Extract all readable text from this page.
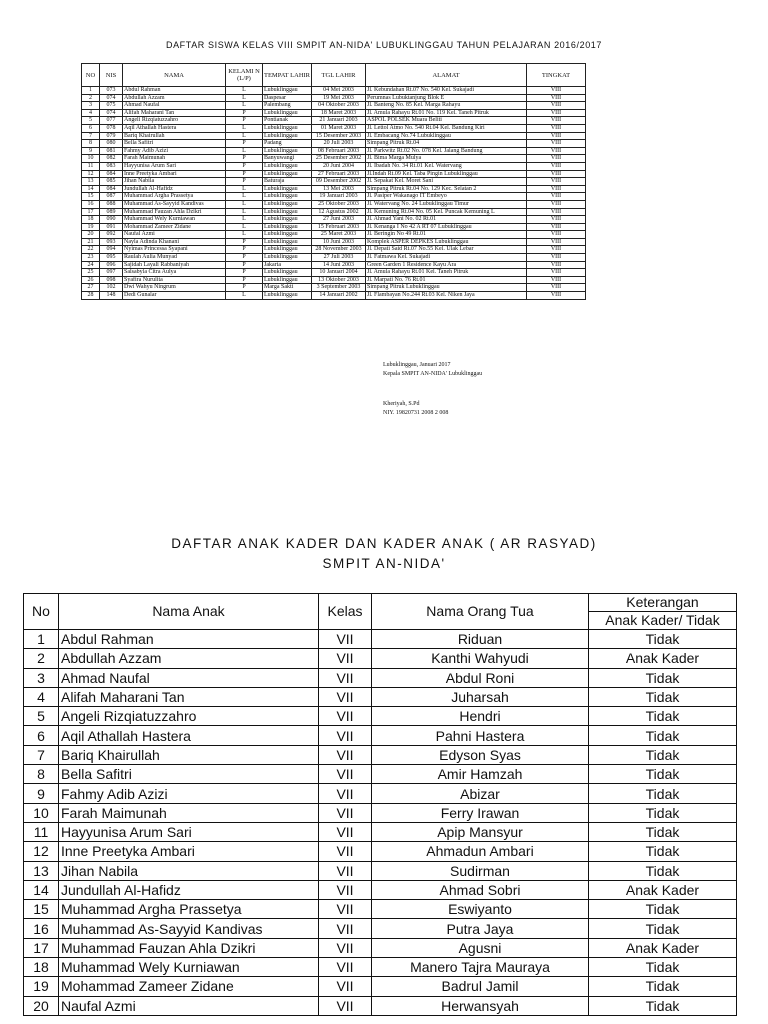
DAFTAR SISWA KELAS VIII SMPIT AN-NIDA' LUBUKLINGGAU TAHUN PELAJARAN 2016/2017
NO	NIS	NAMA	KELAMI N (L/P)	TEMPAT LAHIR	TGL LAHIR	ALAMAT	TINGKAT
1	073	Abdul Rahman	L	Lubuklinggau	04 Mei 2003	Jl. Kebundahan Rt.07 No. 540 Kel. Sukajadi	VIII
2	074	Abdullah Azzam	L	Daspesar	19 Mei 2003	Perumnas Lubuktanjung Blok E	VIII
3	075	Ahmad Naufal	L	Palembang	04 Oktober 2003	Jl. Banteng No. 85 Kel. Marga Rahayu	VIII
4	074	Alifah Maharani Tan	P	Lubuklinggau	18 Maret 2003	Jl. Amula Rahayu Rt.01 No. 119 Kel. Taneh Pitruk	VIII
5	077	Angeli Rizqiatuzzahro	P	Pontianak	21 Januari 2003	ASPOL POLSEK Muara Beliti	VIII
6	078	Aqil Athallah Hastera	L	Lubuklinggau	01 Maret 2003	Jl. Lettol Atmo No. 540 Rt.04 Kel. Bandung Kiri	VIII
7	079	Bariq Khairullah	L	Lubuklinggau	15 Desember 2003	Jl. Embacang No.74 Lubuklinggau	VIII
8	080	Bella Safitri	P	Padang	20 Juli 2003	Simpang Pitruk Rt.04	VIII
9	081	Fahmy Adib Azizi	L	Lubuklinggau	08 Februari 2003	Jl. Parkwitz Rt.02 No. 078 Kel. Jalang Bandung	VIII
10	082	Farah Maimunah	P	Banyuwangi	25 Desember 2002	Jl. Bima Marga Mulya	VIII
11	083	Hayyunisa Arum Sari	P	Lubuklinggau	20 Juni 2004	Jl. Ibadah No. 34 Rt.01 Kel. Watervang	VIII
12	084	Inne Preetyka Ambari	P	Lubuklinggau	27 Februari 2003	Jl.Indah Rt.09 Kel. Taba Pingin Lubuklinggau	VIII
13	085	Jihan Nabila	P	Baturaja	09 Desember 2002	Jl. Sepakat Kel. Moret Sani	VIII
14	084	Jundullah Al-Hafidz	L	Lubuklinggau	13 Mei 2003	Simpang Pitruk Rt.04 No. 129 Kec. Selatan 2	VIII
15	087	Muhammad Argha Prassetya	L	Lubuklinggau	19 Januari 2003	Jl. Pasiper Wakanago IT Embeyo	VIII
16	088	Muhammad As-Sayyid Kandivas	L	Lubuklinggau	25 Oktober 2003	Jl. Watervang No. 24 Lubuklinggau Timur	VIII
17	089	Muhammad Fauzan Ahla Dzikri	L	Lubuklinggau	12 Agustus 2002	Jl. Kemuning Rt.04 No. 05 Kel. Puncak Kemuning L	VIII
18	090	Muhammad Wely Kurniawan	L	Lubuklinggau	27 Juni 2003	Jl. Ahmad Yani No. 02 Rt.01	VIII
19	091	Mohammad Zameer Zidane	L	Lubuklinggau	15 Februari 2003	Jl. Kenanga I No 42 A RT 07 Lubuklinggau	VIII
20	092	Naufal Azmi	L	Lubuklinggau	25 Maret 2003	Jl. Beringin No 49 Rt.01	VIII
21	093	Nayla Adinda Khanani	P	Lubuklinggau	10 Juni 2003	Komplek ASPER DEPKES Lubuklinggau	VIII
22	094	Nyimas Princessa Syapani	P	Lubuklinggau	28 November 2003	Jl. Depati Said Rt.07 No.55 Kel. Ulak Lebar	VIII
23	095	Raulah Aulia Munyad	P	Lubuklinggau	27 Juli 2003	Jl. Fatmawa Kel. Sukajadi	VIII
24	096	Sajidah Layali Rabbaniyah	P	Jakarta	14 Juni 2003	Green Garden 1 Residence Kayu Ara	VIII
25	097	Salsabyla Citra Aulya	P	Lubuklinggau	10 Januari 2004	Jl. Amula Rahayu Rt.01 Kel. Taneh Pitruk	VIII
26	098	Syafira Nurulita	P	Lubuklinggau	13 Oktober 2003	Jl. Marpati No. 76 Rt.01	VIII
27	102	Dwi Wahyu Ningrum	P	Marga Sakti	3 September 2003	Simpang Pitruk Lubuklinggau	VIII
28	148	Dedi Gunalar	L	Lubuklinggau	14 Januari 2002	Jl. Flambayan No.244 Rt.03 Kel. Niken Jaya	VIII
Lubuklinggau, Januari 2017
Kepala SMPIT AN-NIDA' Lubuklinggau
Kheriyah, S.Pd
NIY. 19820731 2008 2 008
DAFTAR ANAK KADER DAN KADER ANAK ( AR RASYAD)
SMPIT AN-NIDA'
No	Nama Anak	Kelas	Nama Orang Tua	Keterangan
				Anak Kader/ Tidak
1	Abdul Rahman	VII	Riduan	Tidak
2	Abdullah Azzam	VII	Kanthi Wahyudi	Anak Kader
3	Ahmad Naufal	VII	Abdul Roni	Tidak
4	Alifah Maharani Tan	VII	Juharsah	Tidak
5	Angeli Rizqiatuzzahro	VII	Hendri	Tidak
6	Aqil Athallah Hastera	VII	Pahni Hastera	Tidak
7	Bariq Khairullah	VII	Edyson Syas	Tidak
8	Bella Safitri	VII	Amir Hamzah	Tidak
9	Fahmy Adib Azizi	VII	Abizar	Tidak
10	Farah Maimunah	VII	Ferry Irawan	Tidak
11	Hayyunisa Arum Sari	VII	Apip Mansyur	Tidak
12	Inne Preetyka Ambari	VII	Ahmadun Ambari	Tidak
13	Jihan Nabila	VII	Sudirman	Tidak
14	Jundullah Al-Hafidz	VII	Ahmad Sobri	Anak Kader
15	Muhammad Argha Prassetya	VII	Eswiyanto	Tidak
16	Muhammad As-Sayyid Kandivas	VII	Putra Jaya	Tidak
17	Muhammad Fauzan Ahla Dzikri	VII	Agusni	Anak Kader
18	Muhammad Wely Kurniawan	VII	Manero Tajra Mauraya	Tidak
19	Mohammad Zameer Zidane	VII	Badrul Jamil	Tidak
20	Naufal Azmi	VII	Herwansyah	Tidak
